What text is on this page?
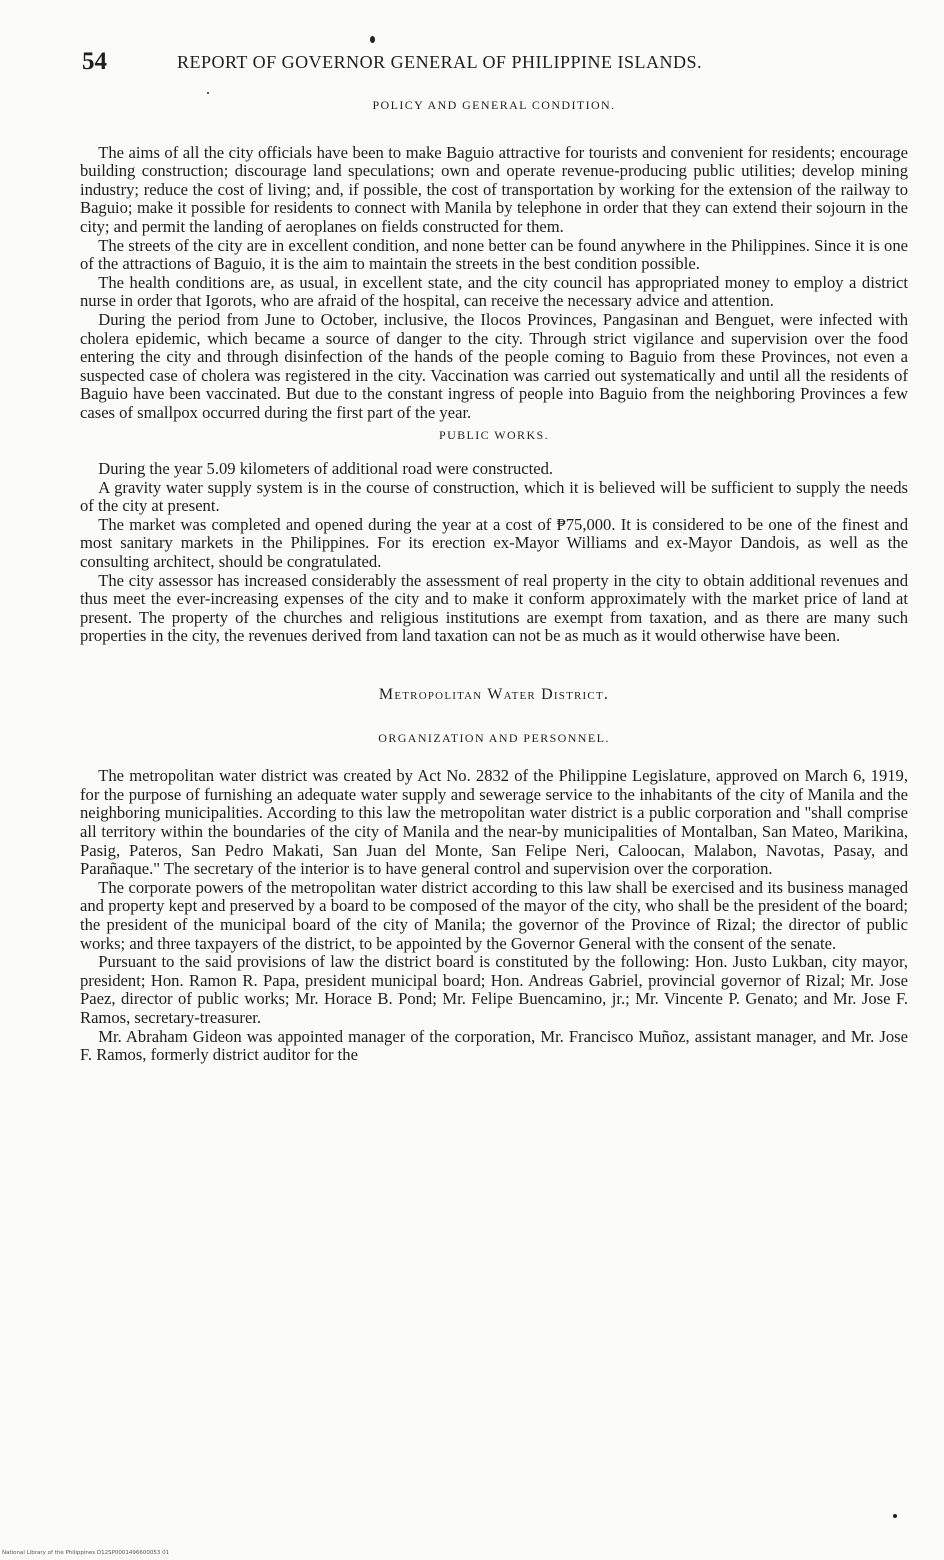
54	REPORT OF GOVERNOR GENERAL OF PHILIPPINE ISLANDS.

POLICY AND GENERAL CONDITION.

The aims of all the city officials have been to make Baguio attractive for tourists and convenient for residents; encourage building construction; discourage land speculations; own and operate revenue-producing public utilities; develop mining industry; reduce the cost of living; and, if possible, the cost of transportation by working for the extension of the railway to Baguio; make it possible for residents to connect with Manila by telephone in order that they can extend their sojourn in the city; and permit the landing of aeroplanes on fields constructed for them.

The streets of the city are in excellent condition, and none better can be found anywhere in the Philippines. Since it is one of the attractions of Baguio, it is the aim to maintain the streets in the best condition possible.

The health conditions are, as usual, in excellent state, and the city council has appropriated money to employ a district nurse in order that Igorots, who are afraid of the hospital, can receive the necessary advice and attention.

During the period from June to October, inclusive, the Ilocos Provinces, Pangasinan and Benguet, were infected with cholera epidemic, which became a source of danger to the city. Through strict vigilance and supervision over the food entering the city and through disinfection of the hands of the people coming to Baguio from these Provinces, not even a suspected case of cholera was registered in the city. Vaccination was carried out systematically and until all the residents of Baguio have been vaccinated. But due to the constant ingress of people into Baguio from the neighboring Provinces a few cases of smallpox occurred during the first part of the year.

PUBLIC WORKS.

During the year 5.09 kilometers of additional road were constructed.

A gravity water supply system is in the course of construction, which it is believed will be sufficient to supply the needs of the city at present.

The market was completed and opened during the year at a cost of ₱75,000. It is considered to be one of the finest and most sanitary markets in the Philippines. For its erection ex-Mayor Williams and ex-Mayor Dandois, as well as the consulting architect, should be congratulated.

The city assessor has increased considerably the assessment of real property in the city to obtain additional revenues and thus meet the ever-increasing expenses of the city and to make it conform approximately with the market price of land at present. The property of the churches and religious institutions are exempt from taxation, and as there are many such properties in the city, the revenues derived from land taxation can not be as much as it would otherwise have been.

Metropolitan Water District.

ORGANIZATION AND PERSONNEL.

The metropolitan water district was created by Act No. 2832 of the Philippine Legislature, approved on March 6, 1919, for the purpose of furnishing an adequate water supply and sewerage service to the inhabitants of the city of Manila and the neighboring municipalities. According to this law the metropolitan water district is a public corporation and "shall comprise all territory within the boundaries of the city of Manila and the near-by municipalities of Montalban, San Mateo, Marikina, Pasig, Pateros, San Pedro Makati, San Juan del Monte, San Felipe Neri, Caloocan, Malabon, Navotas, Pasay, and Parañaque." The secretary of the interior is to have general control and supervision over the corporation.

The corporate powers of the metropolitan water district according to this law shall be exercised and its business managed and property kept and preserved by a board to be composed of the mayor of the city, who shall be the president of the board; the president of the municipal board of the city of Manila; the governor of the Province of Rizal; the director of public works; and three taxpayers of the district, to be appointed by the Governor General with the consent of the senate.

Pursuant to the said provisions of law the district board is constituted by the following: Hon. Justo Lukban, city mayor, president; Hon. Ramon R. Papa, president municipal board; Hon. Andreas Gabriel, provincial governor of Rizal; Mr. Jose Paez, director of public works; Mr. Horace B. Pond; Mr. Felipe Buencamino, jr.; Mr. Vincente P. Genato; and Mr. Jose F. Ramos, secretary-treasurer.

Mr. Abraham Gideon was appointed manager of the corporation, Mr. Francisco Muñoz, assistant manager, and Mr. Jose F. Ramos, formerly district auditor for the

National Library of the Philippines D12SP0001496600053 01
